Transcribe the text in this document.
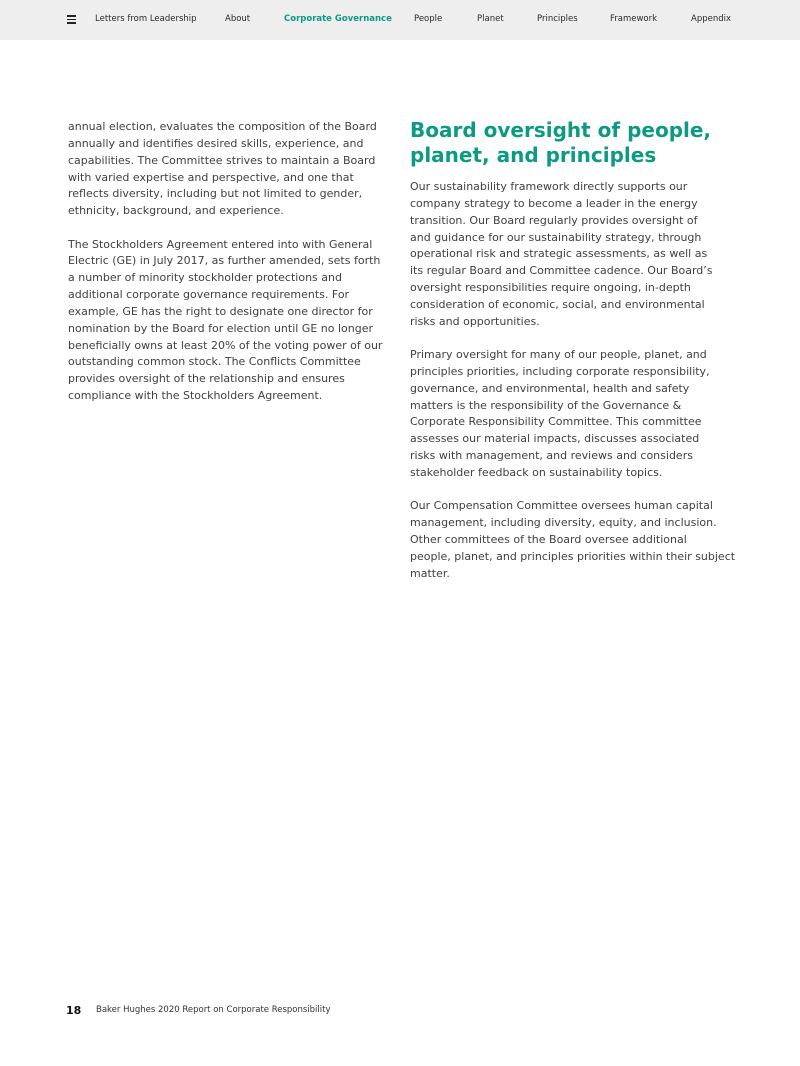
Letters from Leadership	About	Corporate Governance	People	Planet	Principles	Framework	Appendix
annual election, evaluates the composition of the Board
annually and identifies desired skills, experience, and
capabilities. The Committee strives to maintain a Board
with varied expertise and perspective, and one that
reflects diversity, including but not limited to gender,
ethnicity, background, and experience.
The Stockholders Agreement entered into with General
Electric (GE) in July 2017, as further amended, sets forth
a number of minority stockholder protections and
additional corporate governance requirements. For
example, GE has the right to designate one director for
nomination by the Board for election until GE no longer
beneficially owns at least 20% of the voting power of our
outstanding common stock. The Conflicts Committee
provides oversight of the relationship and ensures
compliance with the Stockholders Agreement.
Board oversight of people,
planet, and principles
Our sustainability framework directly supports our
company strategy to become a leader in the energy
transition. Our Board regularly provides oversight of
and guidance for our sustainability strategy, through
operational risk and strategic assessments, as well as
its regular Board and Committee cadence. Our Board’s
oversight responsibilities require ongoing, in-depth
consideration of economic, social, and environmental
risks and opportunities.
Primary oversight for many of our people, planet, and
principles priorities, including corporate responsibility,
governance, and environmental, health and safety
matters is the responsibility of the Governance &
Corporate Responsibility Committee. This committee
assesses our material impacts, discusses associated
risks with management, and reviews and considers
stakeholder feedback on sustainability topics.
Our Compensation Committee oversees human capital
management, including diversity, equity, and inclusion.
Other committees of the Board oversee additional
people, planet, and principles priorities within their subject
matter.
18 Baker Hughes 2020 Report on Corporate Responsibility
